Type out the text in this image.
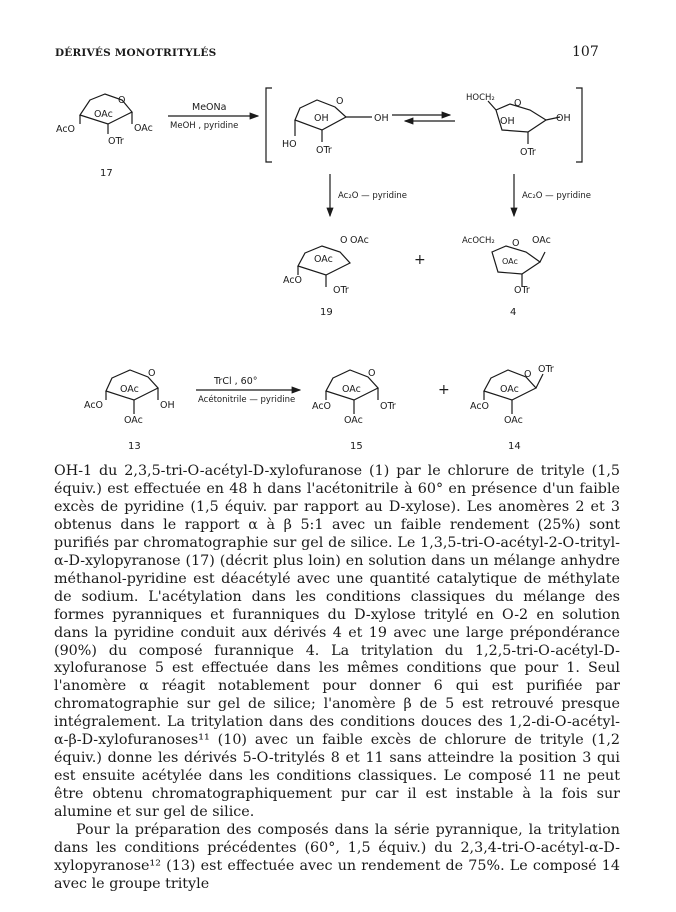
DÉRIVÉS MONOTRITYLÉS	107
O
OAc
AcO	OAc
OTr
17
MeONa
MeOH , pyridine
O
OH	OH
HO
OTr
HOCH₂ O
OH	OH
OTr
Ac₂O — pyridine	Ac₂O — pyridine
O OAc
OAc
AcO
OTr
19
+
AcOCH₂ O OAc
OAc
OTr
4
O
OAc
AcO	OH
OAc
13
TrCl , 60°
Acétonitrile — pyridine
O
OAc
AcO	OTr
OAc
15
+
O OTr
OAc
AcO
OAc
14

OH-1 du 2,3,5-tri-O-acétyl-D-xylofuranose (1) par le chlorure de trityle (1,5 équiv.) est effectuée en 48 h dans l'acétonitrile à 60° en présence d'un faible excès de pyridine (1,5 équiv. par rapport au D-xylose). Les anomères 2 et 3 obtenus dans le rapport α à β 5:1 avec un faible rendement (25%) sont purifiés par chromatographie sur gel de silice. Le 1,3,5-tri-O-acétyl-2-O-trityl-α-D-xylopyranose (17) (décrit plus loin) en solution dans un mélange anhydre méthanol-pyridine est déacétylé avec une quantité catalytique de méthylate de sodium. L'acétylation dans les conditions classiques du mélange des formes pyranniques et furanniques du D-xylose tritylé en O-2 en solution dans la pyridine conduit aux dérivés 4 et 19 avec une large prépondérance (90%) du composé furannique 4. La tritylation du 1,2,5-tri-O-acétyl-D-xylofuranose 5 est effectuée dans les mêmes conditions que pour 1. Seul l'anomère α réagit notablement pour donner 6 qui est purifiée par chromatographie sur gel de silice; l'anomère β de 5 est retrouvé presque intégralement. La tritylation dans des conditions douces des 1,2-di-O-acétyl-α-β-D-xylofuranoses¹¹ (10) avec un faible excès de chlorure de trityle (1,2 équiv.) donne les dérivés 5-O-tritylés 8 et 11 sans atteindre la position 3 qui est ensuite acétylée dans les conditions classiques. Le composé 11 ne peut être obtenu chromatographiquement pur car il est instable à la fois sur alumine et sur gel de silice.

Pour la préparation des composés dans la série pyrannique, la tritylation dans les conditions précédentes (60°, 1,5 équiv.) du 2,3,4-tri-O-acétyl-α-D-xylopyranose¹² (13) est effectuée avec un rendement de 75%. Le composé 14 avec le groupe trityle
